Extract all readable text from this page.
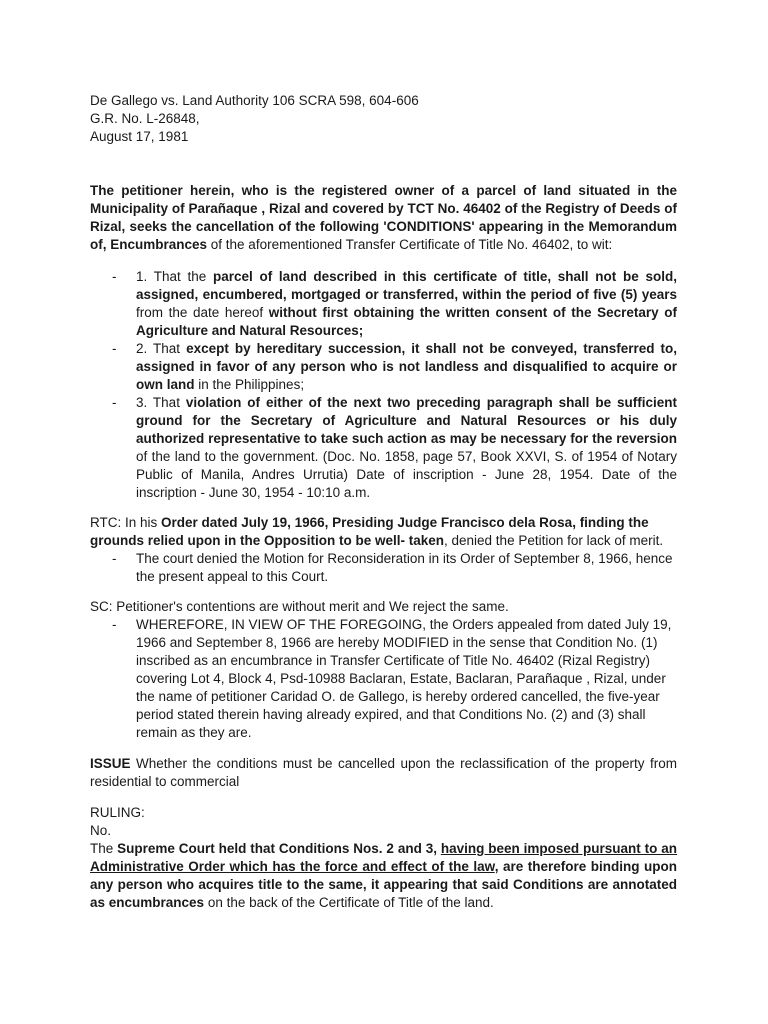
De Gallego vs. Land Authority 106 SCRA 598, 604-606

G.R. No. L-26848,

August 17, 1981

The petitioner herein, who is the registered owner of a parcel of land situated in the Municipality of Parañaque , Rizal and covered by TCT No. 46402 of the Registry of Deeds of Rizal, seeks the cancellation of the following 'CONDITIONS' appearing in the Memorandum of, Encumbrances of the aforementioned Transfer Certificate of Title No. 46402, to wit:

- 1. That the parcel of land described in this certificate of title, shall not be sold, assigned, encumbered, mortgaged or transferred, within the period of five (5) years from the date hereof without first obtaining the written consent of the Secretary of Agriculture and Natural Resources;
- 2. That except by hereditary succession, it shall not be conveyed, transferred to, assigned in favor of any person who is not landless and disqualified to acquire or own land in the Philippines;
- 3. That violation of either of the next two preceding paragraph shall be sufficient ground for the Secretary of Agriculture and Natural Resources or his duly authorized representative to take such action as may be necessary for the reversion of the land to the government. (Doc. No. 1858, page 57, Book XXVI, S. of 1954 of Notary Public of Manila, Andres Urrutia) Date of inscription - June 28, 1954. Date of the inscription - June 30, 1954 - 10:10 a.m.

RTC: In his Order dated July 19, 1966, Presiding Judge Francisco dela Rosa, finding the grounds relied upon in the Opposition to be well- taken, denied the Petition for lack of merit.

- The court denied the Motion for Reconsideration in its Order of September 8, 1966, hence the present appeal to this Court.

SC: Petitioner's contentions are without merit and We reject the same.

- WHEREFORE, IN VIEW OF THE FOREGOING, the Orders appealed from dated July 19, 1966 and September 8, 1966 are hereby MODIFIED in the sense that Condition No. (1) inscribed as an encumbrance in Transfer Certificate of Title No. 46402 (Rizal Registry) covering Lot 4, Block 4, Psd-10988 Baclaran, Estate, Baclaran, Parañaque , Rizal, under the name of petitioner Caridad O. de Gallego, is hereby ordered cancelled, the five-year period stated therein having already expired, and that Conditions No. (2) and (3) shall remain as they are.

ISSUE Whether the conditions must be cancelled upon the reclassification of the property from residential to commercial

RULING:

No.

The Supreme Court held that Conditions Nos. 2 and 3, having been imposed pursuant to an Administrative Order which has the force and effect of the law, are therefore binding upon any person who acquires title to the same, it appearing that said Conditions are annotated as encumbrances on the back of the Certificate of Title of the land.
